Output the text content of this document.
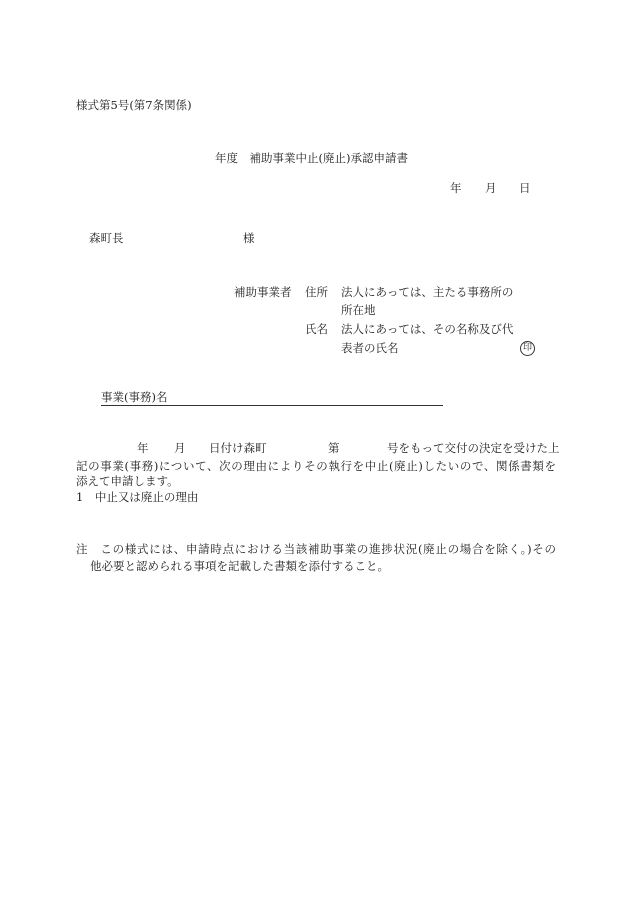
様式第5号(第7条関係)
年度　補助事業中止(廃止)承認申請書
年 月 日
森町長	様
補助事業者 住所 法人にあっては、主たる事務所の
所在地
氏名 法人にあっては、その名称及び代
表者の氏名	印
事業(事務)名
年 月 日付け森町	第	号をもって交付の決定を受けた上
記の事業(事務)について、次の理由によりその執行を中止(廃止)したいので、関係書類を
添えて申請します。
1　中止又は廃止の理由
注　この様式には、申請時点における当該補助事業の進捗状況(廃止の場合を除く。)その
他必要と認められる事項を記載した書類を添付すること。
